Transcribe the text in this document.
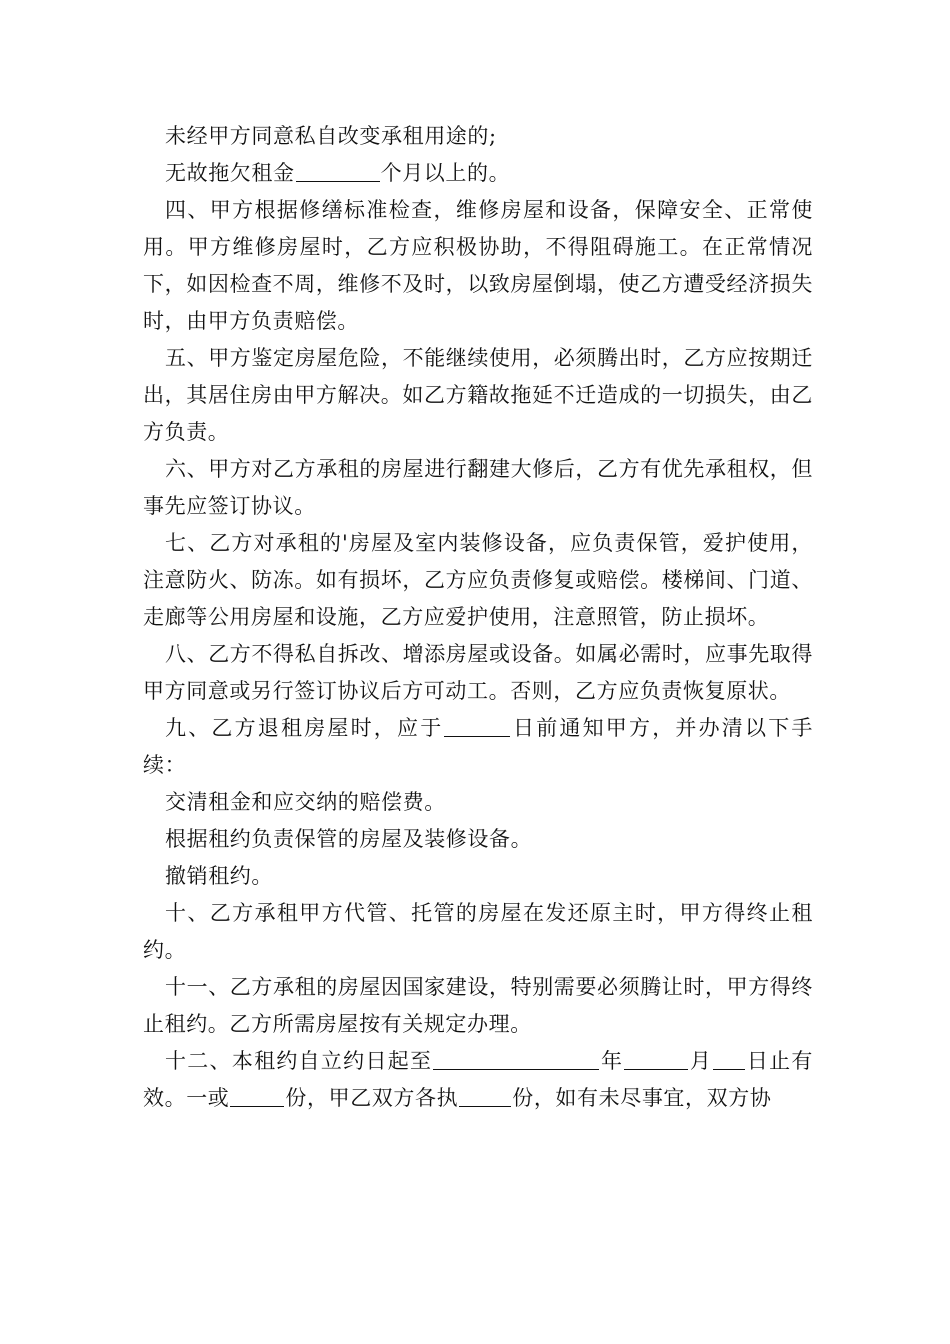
未经甲方同意私自改变承租用途的;

无故拖欠租金	个月以上的。

四、甲方根据修缮标准检查，维修房屋和设备，保障安全、正常使用。甲方维修房屋时，乙方应积极协助，不得阻碍施工。在正常情况下，如因检查不周，维修不及时，以致房屋倒塌，使乙方遭受经济损失时，由甲方负责赔偿。

五、甲方鉴定房屋危险，不能继续使用，必须腾出时，乙方应按期迁出，其居住房由甲方解决。如乙方籍故拖延不迁造成的一切损失，由乙方负责。

六、甲方对乙方承租的房屋进行翻建大修后，乙方有优先承租权，但事先应签订协议。

七、乙方对承租的'房屋及室内装修设备，应负责保管，爱护使用，注意防火、防冻。如有损坏，乙方应负责修复或赔偿。楼梯间、门道、走廊等公用房屋和设施，乙方应爱护使用，注意照管，防止损坏。

八、乙方不得私自拆改、增添房屋或设备。如属必需时，应事先取得甲方同意或另行签订协议后方可动工。否则，乙方应负责恢复原状。

九、乙方退租房屋时，应于	日前通知甲方，并办清以下手续：

交清租金和应交纳的赔偿费。

根据租约负责保管的房屋及装修设备。

撤销租约。

十、乙方承租甲方代管、托管的房屋在发还原主时，甲方得终止租约。

十一、乙方承租的房屋因国家建设，特别需要必须腾让时，甲方得终止租约。乙方所需房屋按有关规定办理。

十二、本租约自立约日起至	年	月 日止有效。一或	份，甲乙双方各执	份，如有未尽事宜，双方协
